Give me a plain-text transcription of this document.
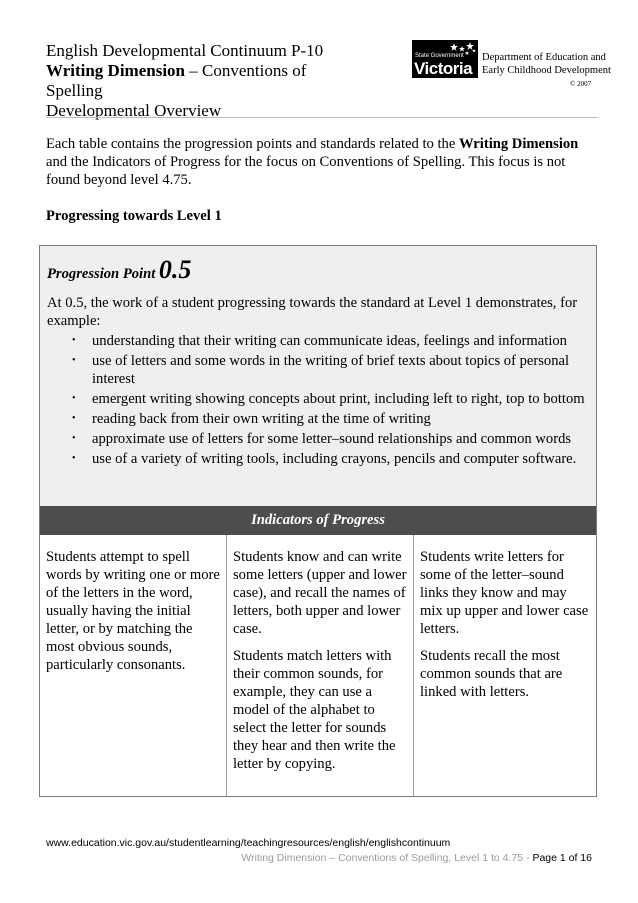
English Developmental Continuum P-10
Writing Dimension – Conventions of
Spelling
Developmental Overview
State Government
Victoria
Department of Education and
Early Childhood Development
© 2007
Each table contains the progression points and standards related to the Writing Dimension and the Indicators of Progress for the focus on Conventions of Spelling. This focus is not found beyond level 4.75.
Progressing towards Level 1
Progression Point 0.5
At 0.5, the work of a student progressing towards the standard at Level 1 demonstrates, for example:
• understanding that their writing can communicate ideas, feelings and information
• use of letters and some words in the writing of brief texts about topics of personal interest
• emergent writing showing concepts about print, including left to right, top to bottom
• reading back from their own writing at the time of writing
• approximate use of letters for some letter–sound relationships and common words
• use of a variety of writing tools, including crayons, pencils and computer software.
Indicators of Progress

Students attempt to spell words by writing one or more of the letters in the word, usually having the initial letter, or by matching the most obvious sounds, particularly consonants.

Students know and can write some letters (upper and lower case), and recall the names of letters, both upper and lower case.

Students match letters with their common sounds, for example, they can use a model of the alphabet to select the letter for sounds they hear and then write the letter by copying.

Students write letters for some of the letter–sound links they know and may mix up upper and lower case letters.

Students recall the most common sounds that are linked with letters.

www.education.vic.gov.au/studentlearning/teachingresources/english/englishcontinuum
Writing Dimension – Conventions of Spelling, Level 1 to 4.75 - Page 1 of 16
